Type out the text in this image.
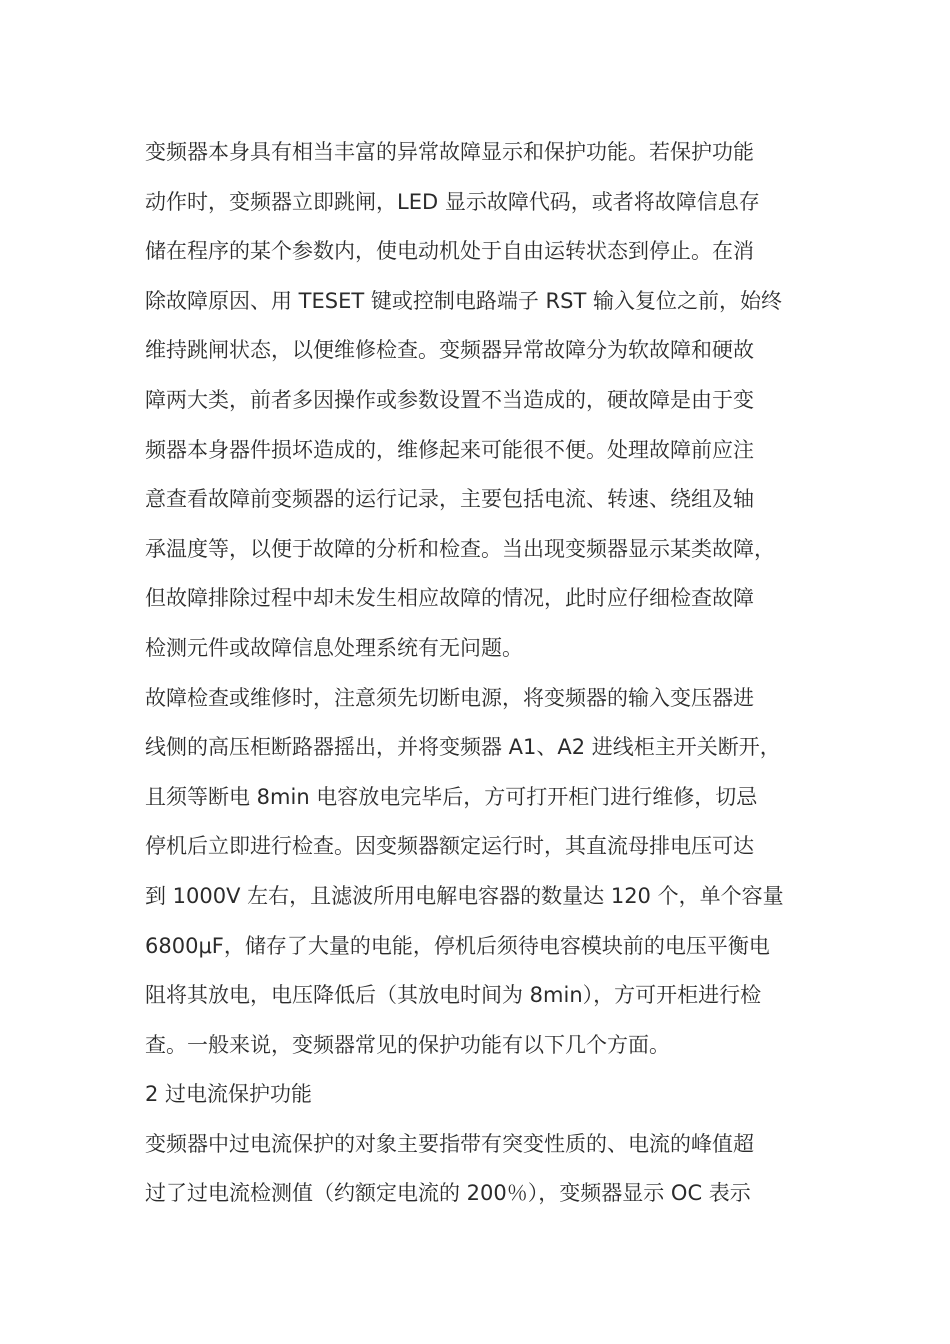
变频器本身具有相当丰富的异常故障显示和保护功能。若保护功能
动作时，变频器立即跳闸，LED 显示故障代码，或者将故障信息存
储在程序的某个参数内，使电动机处于自由运转状态到停止。在消
除故障原因、用 TESET 键或控制电路端子 RST 输入复位之前，始终
维持跳闸状态，以便维修检查。变频器异常故障分为软故障和硬故
障两大类，前者多因操作或参数设置不当造成的，硬故障是由于变
频器本身器件损坏造成的，维修起来可能很不便。处理故障前应注
意查看故障前变频器的运行记录，主要包括电流、转速、绕组及轴
承温度等，以便于故障的分析和检查。当出现变频器显示某类故障，
但故障排除过程中却未发生相应故障的情况，此时应仔细检查故障
检测元件或故障信息处理系统有无问题。
故障检查或维修时，注意须先切断电源，将变频器的输入变压器进
线侧的高压柜断路器摇出，并将变频器 A1、A2 进线柜主开关断开，
且须等断电 8min 电容放电完毕后，方可打开柜门进行维修，切忌
停机后立即进行检查。因变频器额定运行时，其直流母排电压可达
到 1000V 左右，且滤波所用电解电容器的数量达 120 个，单个容量
6800μF，储存了大量的电能，停机后须待电容模块前的电压平衡电
阻将其放电，电压降低后（其放电时间为 8min），方可开柜进行检
查。一般来说，变频器常见的保护功能有以下几个方面。
2 过电流保护功能
变频器中过电流保护的对象主要指带有突变性质的、电流的峰值超
过了过电流检测值（约额定电流的 200％），变频器显示 OC 表示
